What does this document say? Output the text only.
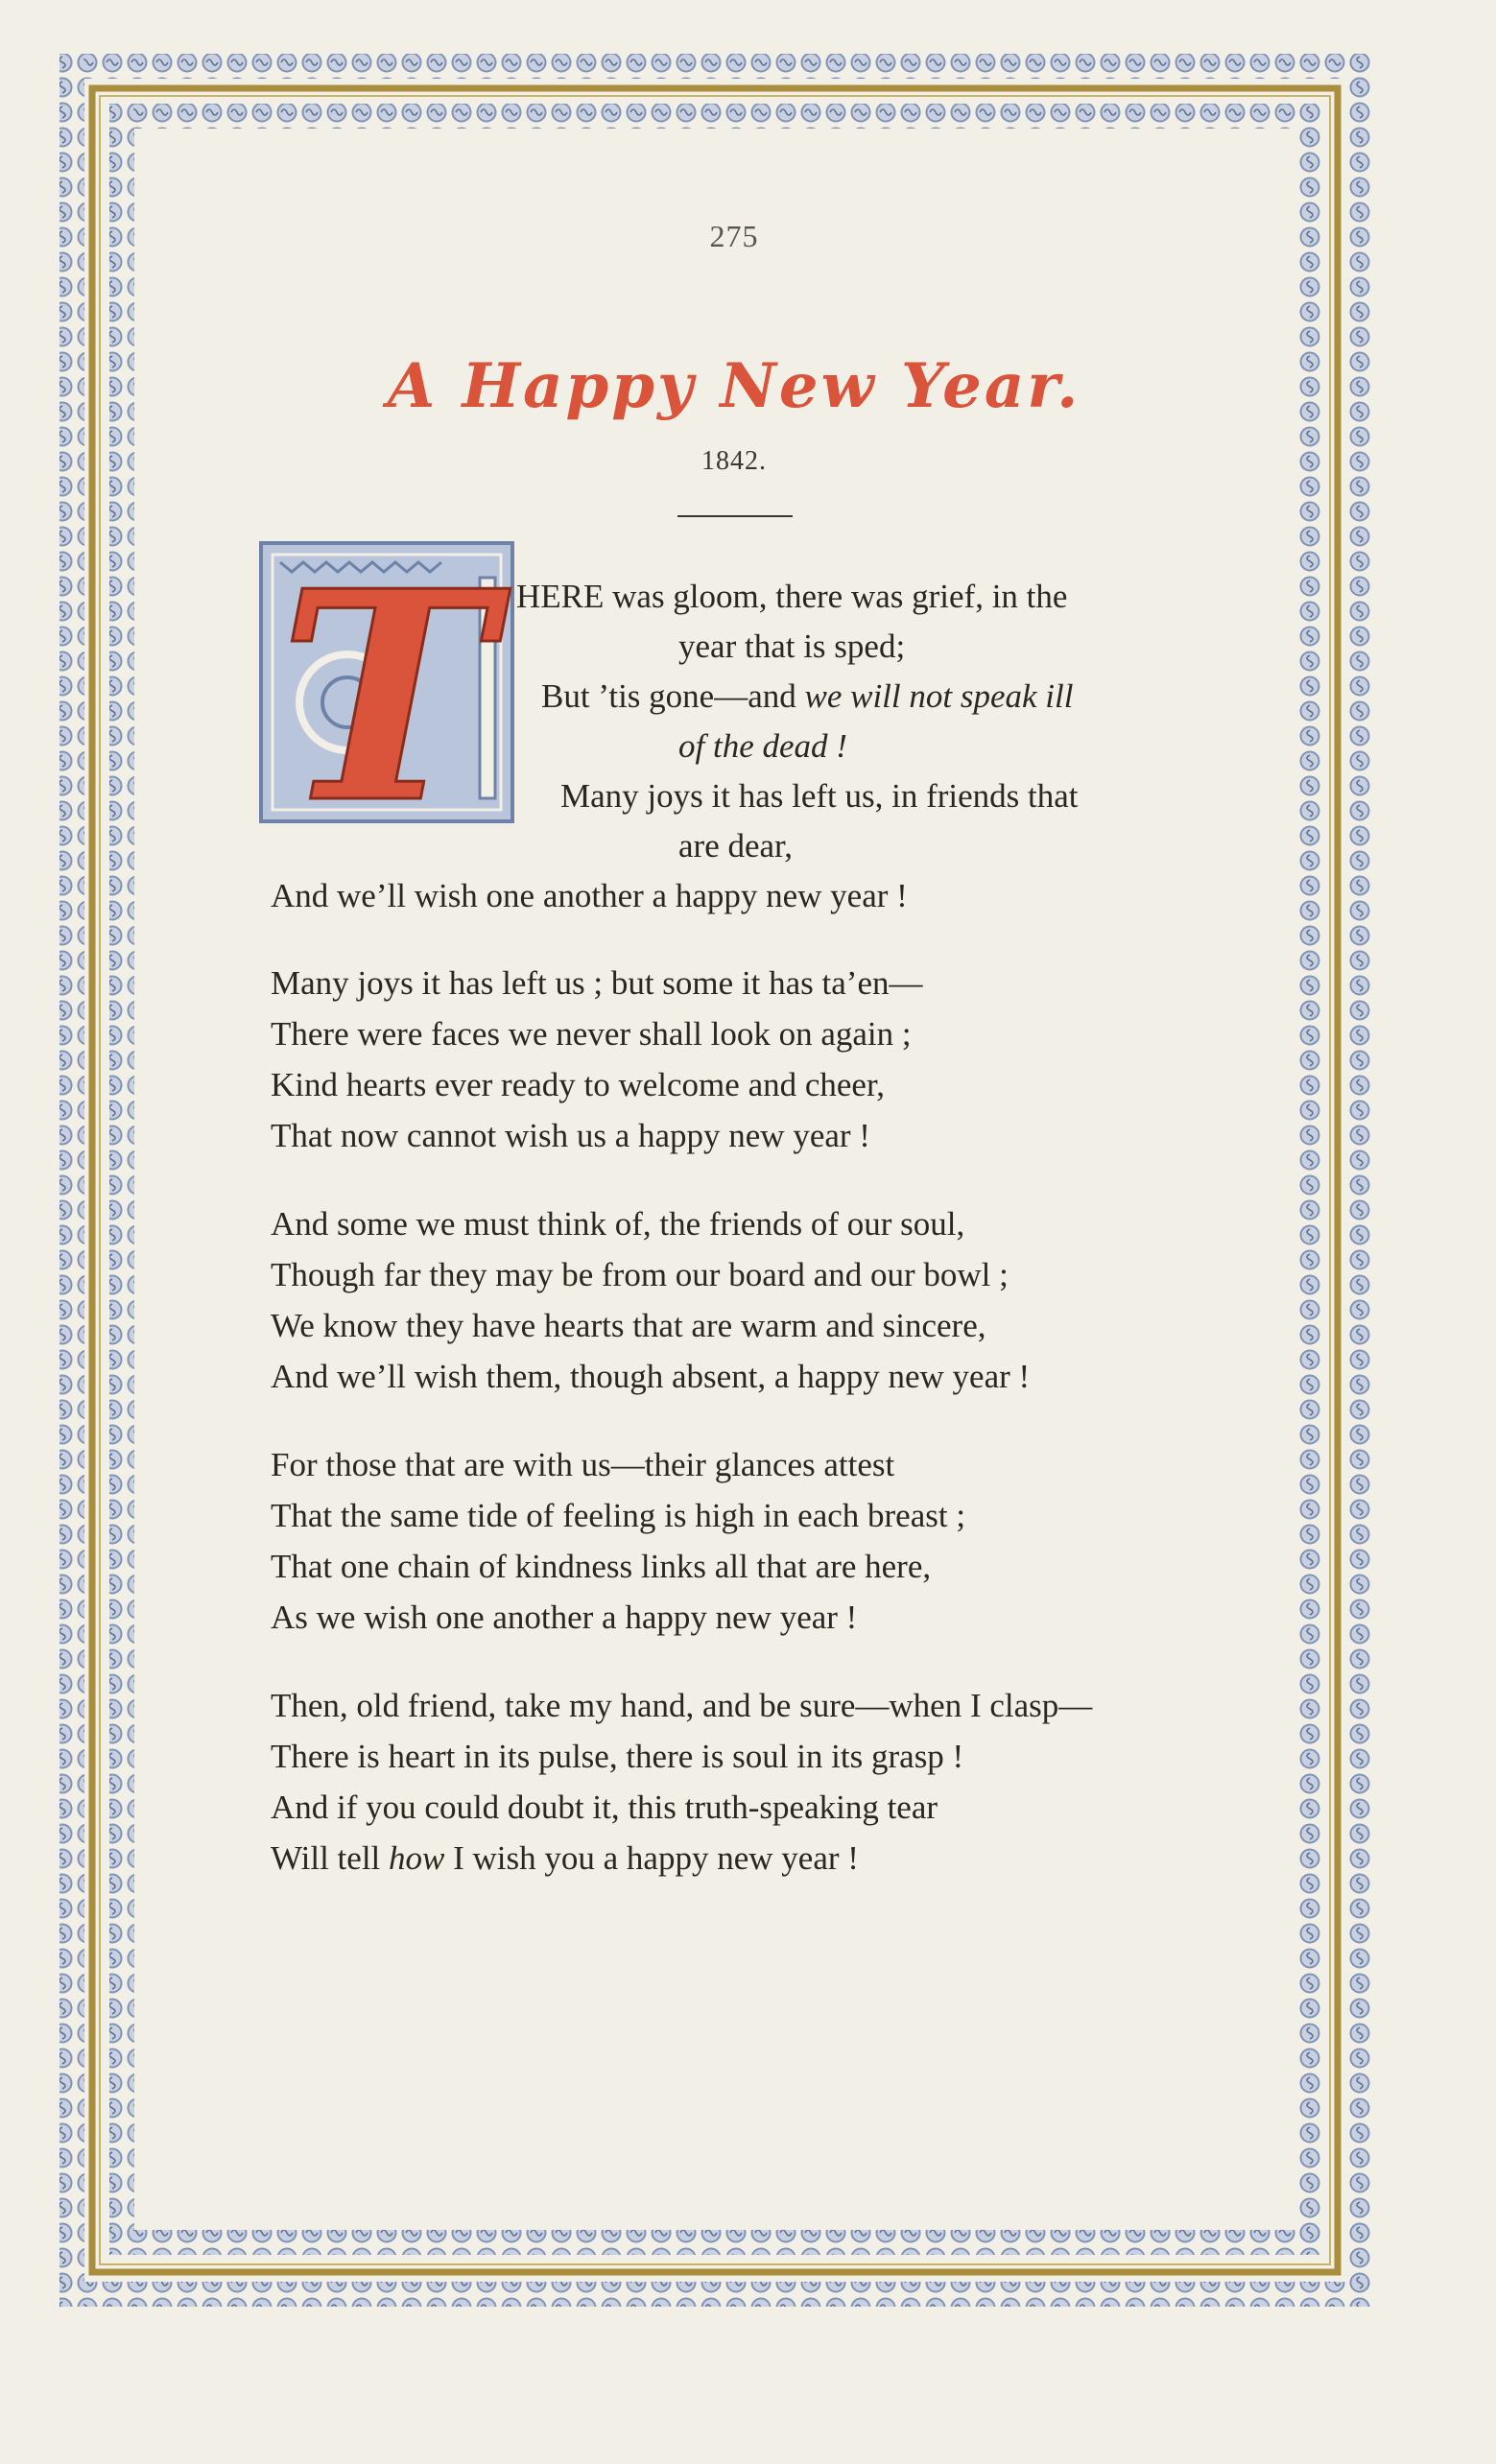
275
A Happy New Year.
1842.
T HERE was gloom, there was grief, in the
year that is sped;
But ’tis gone—and we will not speak ill
of the dead !
Many joys it has left us, in friends that
are dear,
And we’ll wish one another a happy new year !
Many joys it has left us ; but some it has ta’en—
There were faces we never shall look on again ;
Kind hearts ever ready to welcome and cheer,
That now cannot wish us a happy new year !
And some we must think of, the friends of our soul,
Though far they may be from our board and our bowl ;
We know they have hearts that are warm and sincere,
And we’ll wish them, though absent, a happy new year !
For those that are with us—their glances attest
That the same tide of feeling is high in each breast ;
That one chain of kindness links all that are here,
As we wish one another a happy new year !
Then, old friend, take my hand, and be sure—when I clasp—
There is heart in its pulse, there is soul in its grasp !
And if you could doubt it, this truth-speaking tear
Will tell how I wish you a happy new year !
